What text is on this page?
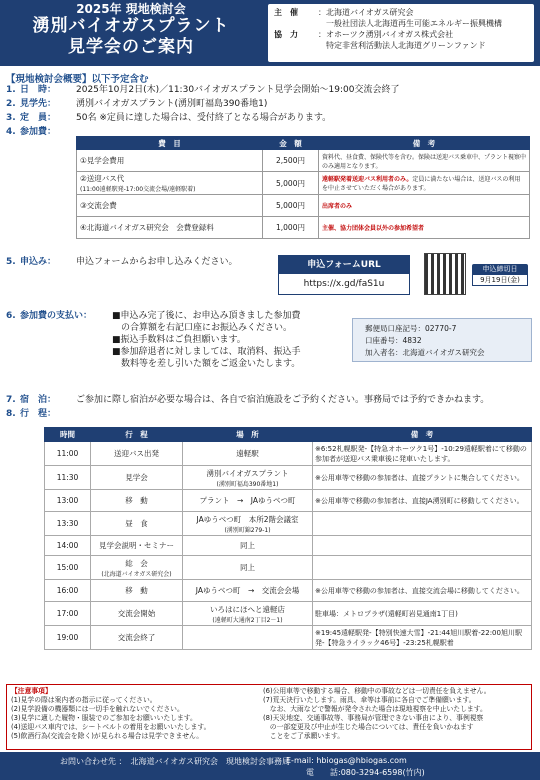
2025年 現地検討会
湧別バイオガスプラント
見学会のご案内
主　催	：北海道バイオガス研究会
　一般社団法人北海道再生可能エネルギー振興機構
協　力	：オホーツク湧別バイオガス株式会社
　特定非営利活動法人北海道グリーンファンド
【現地検討会概要】以下予定含む
1. 日　時： 2025年10月2日(木)／11:30バイオガスプラント見学会開始～19:00交流会終了
2. 見学先： 湧別バイオガスプラント(湧別町福島390番地1)
3. 定　員： 50名 ※定員に達した場合は、受付終了となる場合があります。
4. 参加費：
費　目	金　額	備　考
①見学会費用	2,500円	資料代、昼食費、保険代等を含む。保険は送迎バス乗車中、プラント視察中のみ適用となります。

②送迎バス代
(11:00遠軽駅発-17:00交流会場/遠軽駅着)	5,000円	遠軽駅発着送迎バス利用者のみ。定員に満たない場合は、送迎バスの利用を中止させていただく場合があります。
③交流会費	5,000円	出席者のみ
④北海道バイオガス研究会　会費登録料	1,000円	主催、協力団体会員以外の参加希望者
5. 申込み： 申込フォームからお申し込みください。	申込フォームURL
https://x.gd/faS1u
申込締切日
9月19日(金)
6. 参加費の支払い： ■申込み完了後に、お申込み頂きました参加費
　の合算額を右記口座にお振込みください。
■振込手数料はご負担願います。
■参加辞退者に対しましては、取消料、振込手
　数料等を差し引いた額をご返金いたします。
郵便局口座記号：02770-7
口座番号：4832
加入者名：北海道バイオガス研究会
7. 宿　泊： ご参加に際し宿泊が必要な場合は、各自で宿泊施設をご予約ください。事務局では予約できかねます。
8. 行　程：
時間	行　程	場　所	備　考
11:00	送迎バス出発	遠軽駅	※6:52札幌駅発-【特急オホーツク1号】-10:29遠軽駅着にて移動の参加者が送迎バス乗車後に発車いたします。
11:30	見学会	湧別バイオガスプラント
(湧別町福島390番地1)	※公用車等で移動の参加者は、直接プラントに集合してください。
13:00	移　動	プラント　→　JAゆうべつ町	※公用車等で移動の参加者は、直接JA湧別町に移動してください。
13:30	昼　食	JAゆうべつ町　本所2階会議室
(湧別町錦279-1)	

14:00	見学会説明・セミナー	同上	

15:00	総　会
(北海道バイオガス研究会)	同上	

16:00	移　動	JAゆうべつ町　→　交流会会場	※公用車等で移動の参加者は、直接交流会場に移動してください。
17:00	交流会開始	いろはにほへと遠軽店
(遠軽町大通南2丁目2－1)	駐車場：メトロプラザ(遠軽町岩見通南1丁目)
19:00	交流会終了		※19:45遠軽駅発-【特別快速大雪】-21:44旭川駅着-22:00旭川駅発-【特急ライラック46号】-23:25札幌駅着
【注意事項】
(1)見学の際は案内者の指示に従ってください。
(2)見学設備の機器類には一切手を触れないでください。
(3)見学に適した履物・服装でのご参加をお願いいたします。
(4)送迎バス車内では、シートベルトの着用をお願いいたします。
(5)飲酒行為(交流会を除く)が見られる場合は見学できません。
(6)公用車等で移動する場合、移動中の事故などは一切責任を負えません。
(7)荒天決行いたします。雨具、傘等は事前に各自でご準備願います。
　なお、大雨などで警報が発令された場合は現地視察を中止いたします。
(8)天災地変、交通事故等、事務局が管理できない事由により、事例視察
　の一部変更及び中止が生じた場合については、責任を負いかねます
　ことをご了承願います。
お問い合わせ先 ：　北海道バイオガス研究会　現地検討会事務局
E-mail: hbiogas@hbiogas.com
電　　話:080-3294-6598(竹内)
